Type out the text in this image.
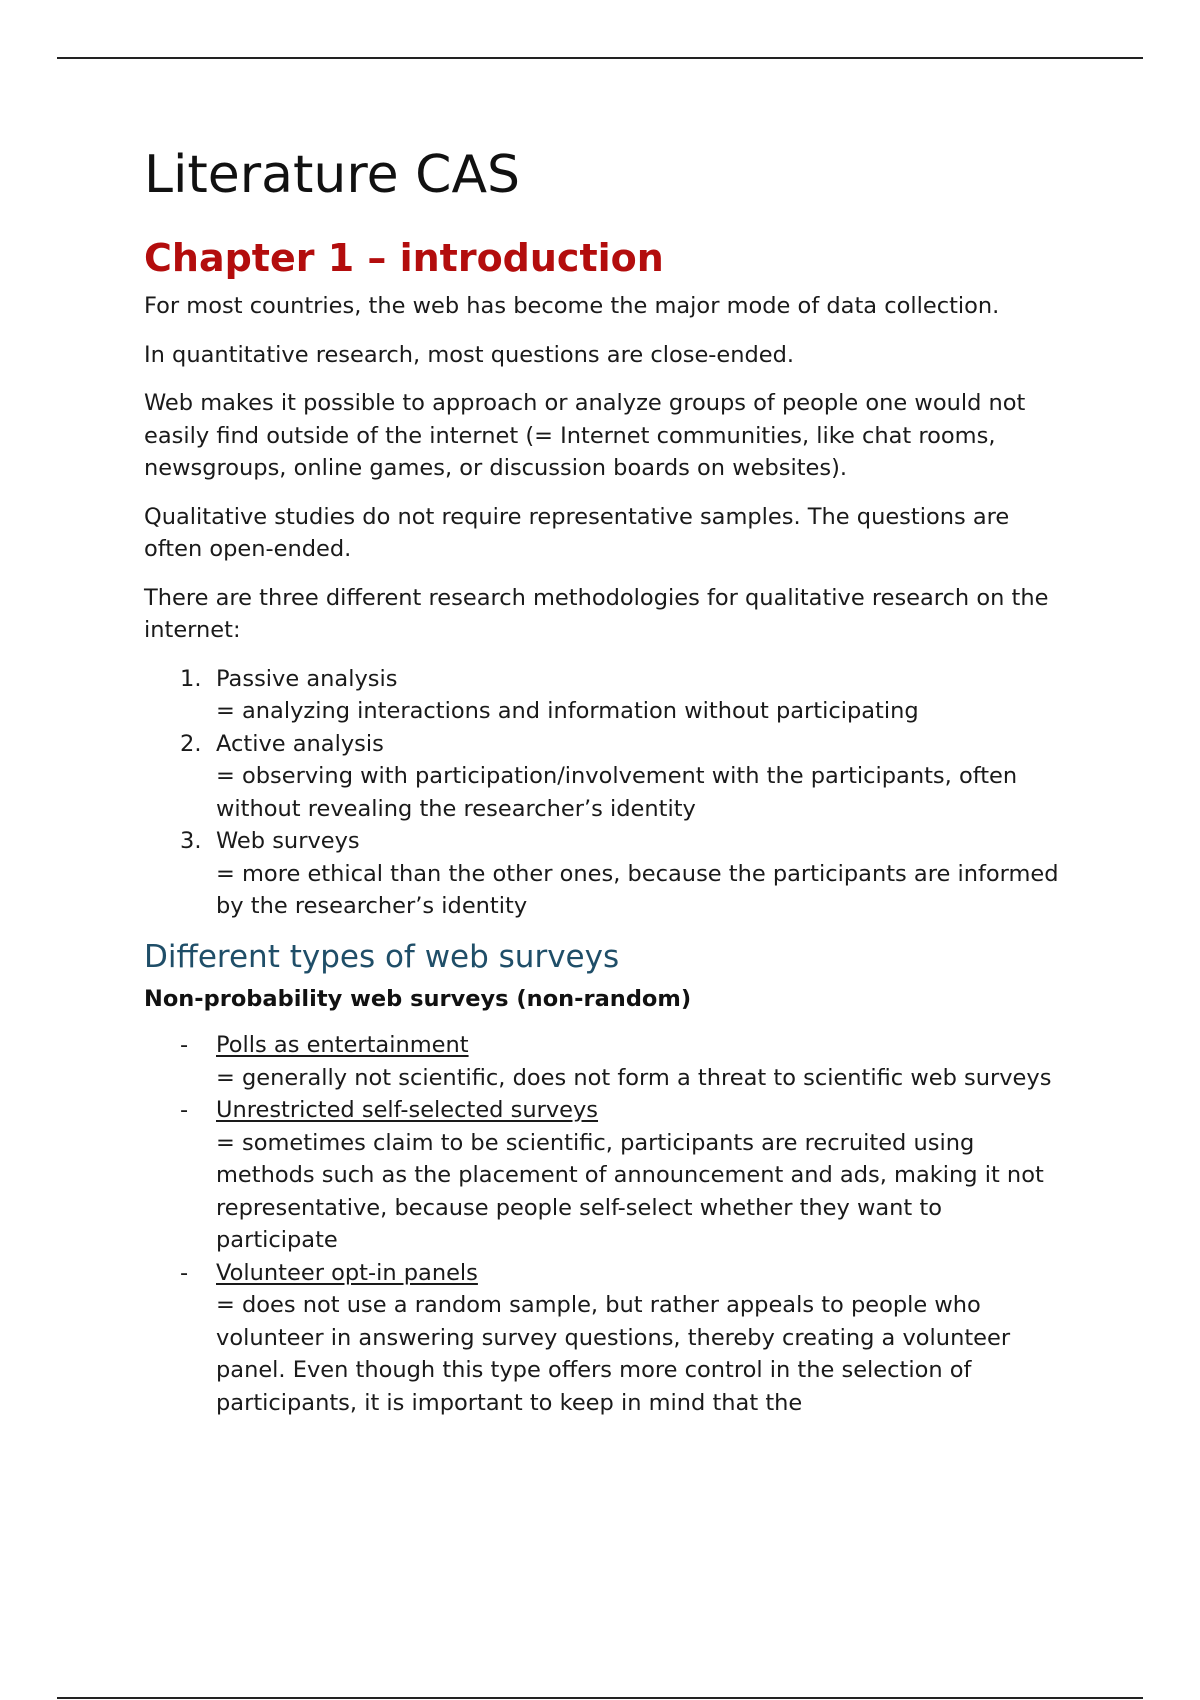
Literature CAS
Chapter 1 – introduction

For most countries, the web has become the major mode of data collection.

In quantitative research, most questions are close-ended.

Web makes it possible to approach or analyze groups of people one would not easily find outside of the internet (= Internet communities, like chat rooms, newsgroups, online games, or discussion boards on websites).

Qualitative studies do not require representative samples. The questions are often open-ended.

There are three different research methodologies for qualitative research on the internet:

1. Passive analysis
= analyzing interactions and information without participating
2. Active analysis
= observing with participation/involvement with the participants, often without revealing the researcher’s identity
3. Web surveys
= more ethical than the other ones, because the participants are informed by the researcher’s identity
Different types of web surveys

Non-probability web surveys (non-random)

- Polls as entertainment
= generally not scientific, does not form a threat to scientific web surveys
- Unrestricted self-selected surveys
= sometimes claim to be scientific, participants are recruited using methods such as the placement of announcement and ads, making it not representative, because people self-select whether they want to participate
- Volunteer opt-in panels
= does not use a random sample, but rather appeals to people who volunteer in answering survey questions, thereby creating a volunteer panel. Even though this type offers more control in the selection of participants, it is important to keep in mind that the
